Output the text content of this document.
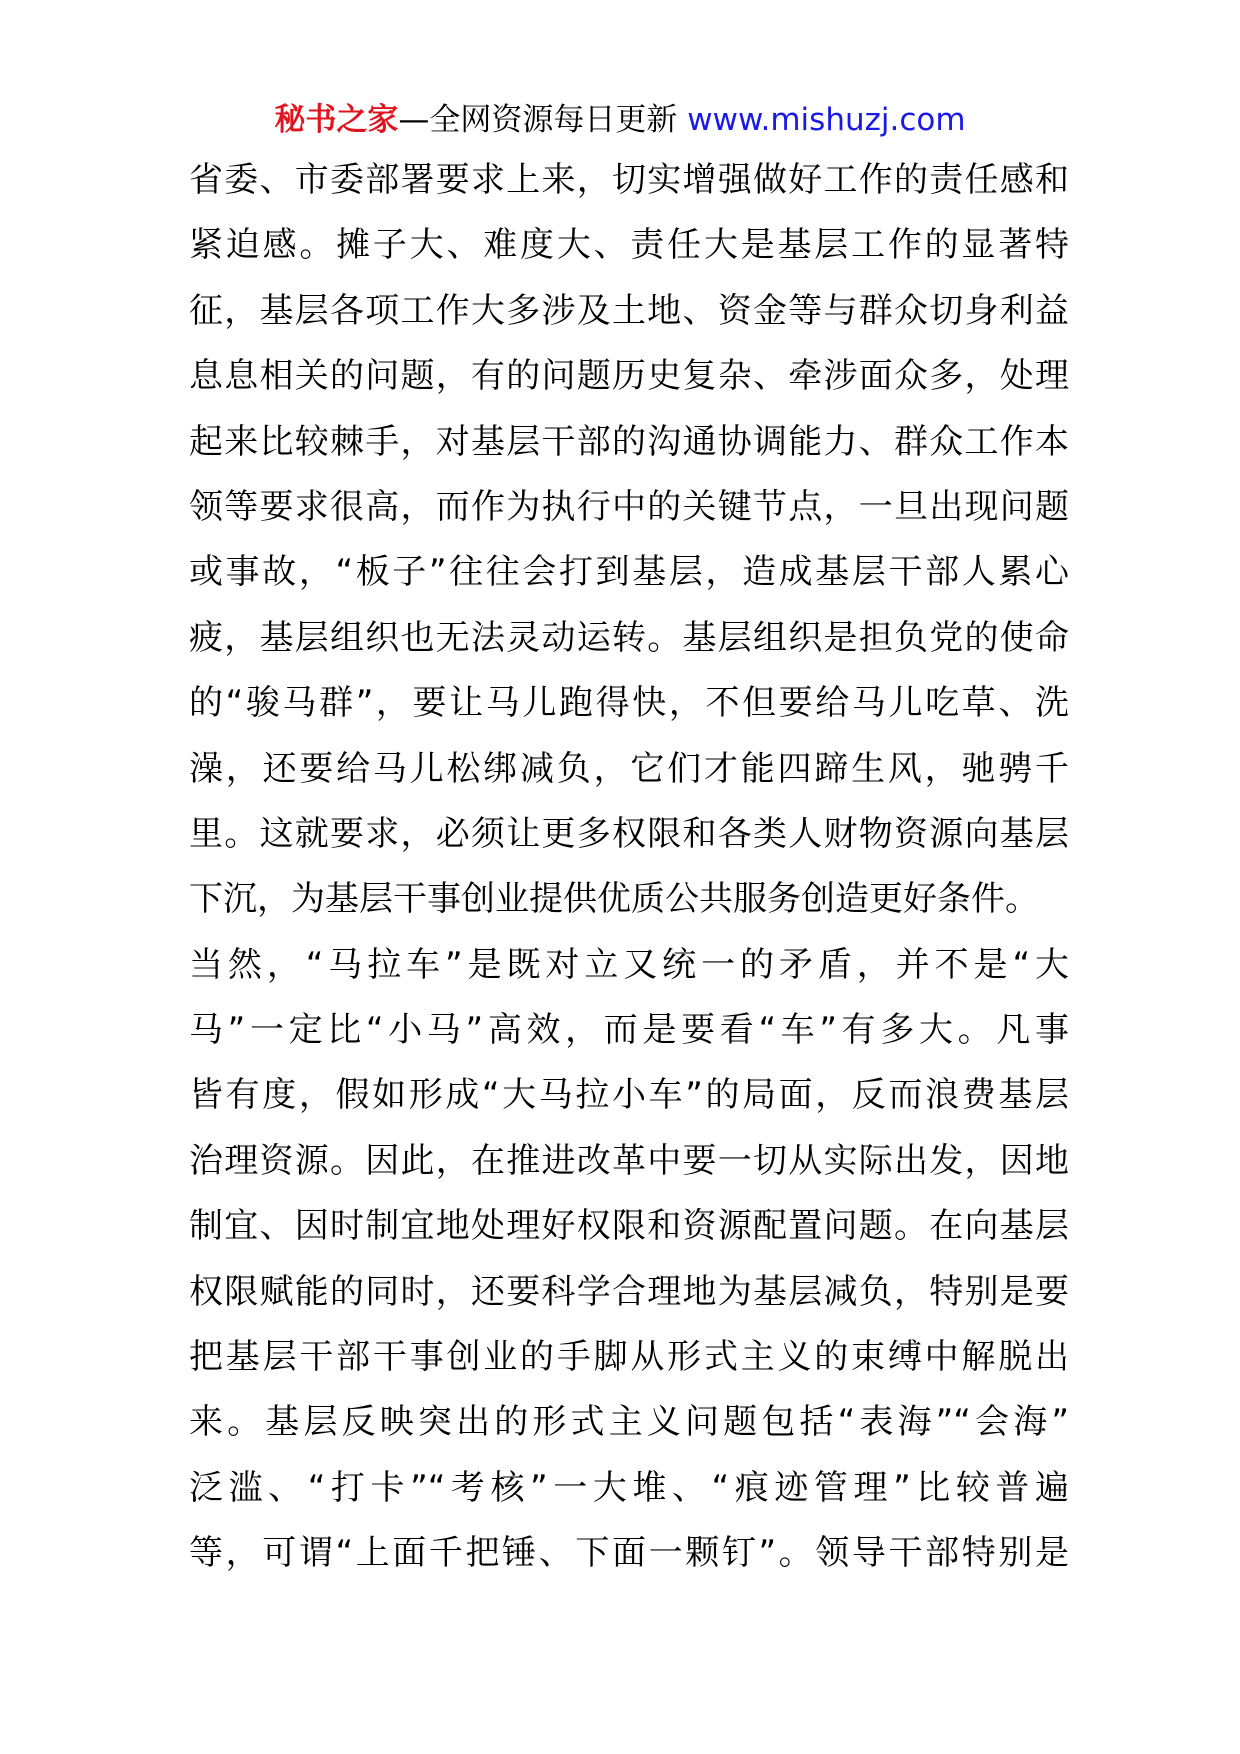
秘书之家—全网资源每日更新 www.mishuzj.com
省委、市委部署要求上来，切实增强做好工作的责任感和
紧迫感。摊子大、难度大、责任大是基层工作的显著特
征，基层各项工作大多涉及土地、资金等与群众切身利益
息息相关的问题，有的问题历史复杂、牵涉面众多，处理
起来比较棘手，对基层干部的沟通协调能力、群众工作本
领等要求很高，而作为执行中的关键节点，一旦出现问题
或事故，“板子”往往会打到基层，造成基层干部人累心
疲，基层组织也无法灵动运转。基层组织是担负党的使命
的“骏马群”，要让马儿跑得快，不但要给马儿吃草、洗
澡，还要给马儿松绑减负，它们才能四蹄生风，驰骋千
里。这就要求，必须让更多权限和各类人财物资源向基层
下沉，为基层干事创业提供优质公共服务创造更好条件。
当然，“马拉车”是既对立又统一的矛盾，并不是“大
马”一定比“小马”高效，而是要看“车”有多大。凡事
皆有度，假如形成“大马拉小车”的局面，反而浪费基层
治理资源。因此，在推进改革中要一切从实际出发，因地
制宜、因时制宜地处理好权限和资源配置问题。在向基层
权限赋能的同时，还要科学合理地为基层减负，特别是要
把基层干部干事创业的手脚从形式主义的束缚中解脱出
来。基层反映突出的形式主义问题包括“表海”“会海”
泛滥、“打卡”“考核”一大堆、“痕迹管理”比较普遍
等，可谓“上面千把锤、下面一颗钉”。领导干部特别是
